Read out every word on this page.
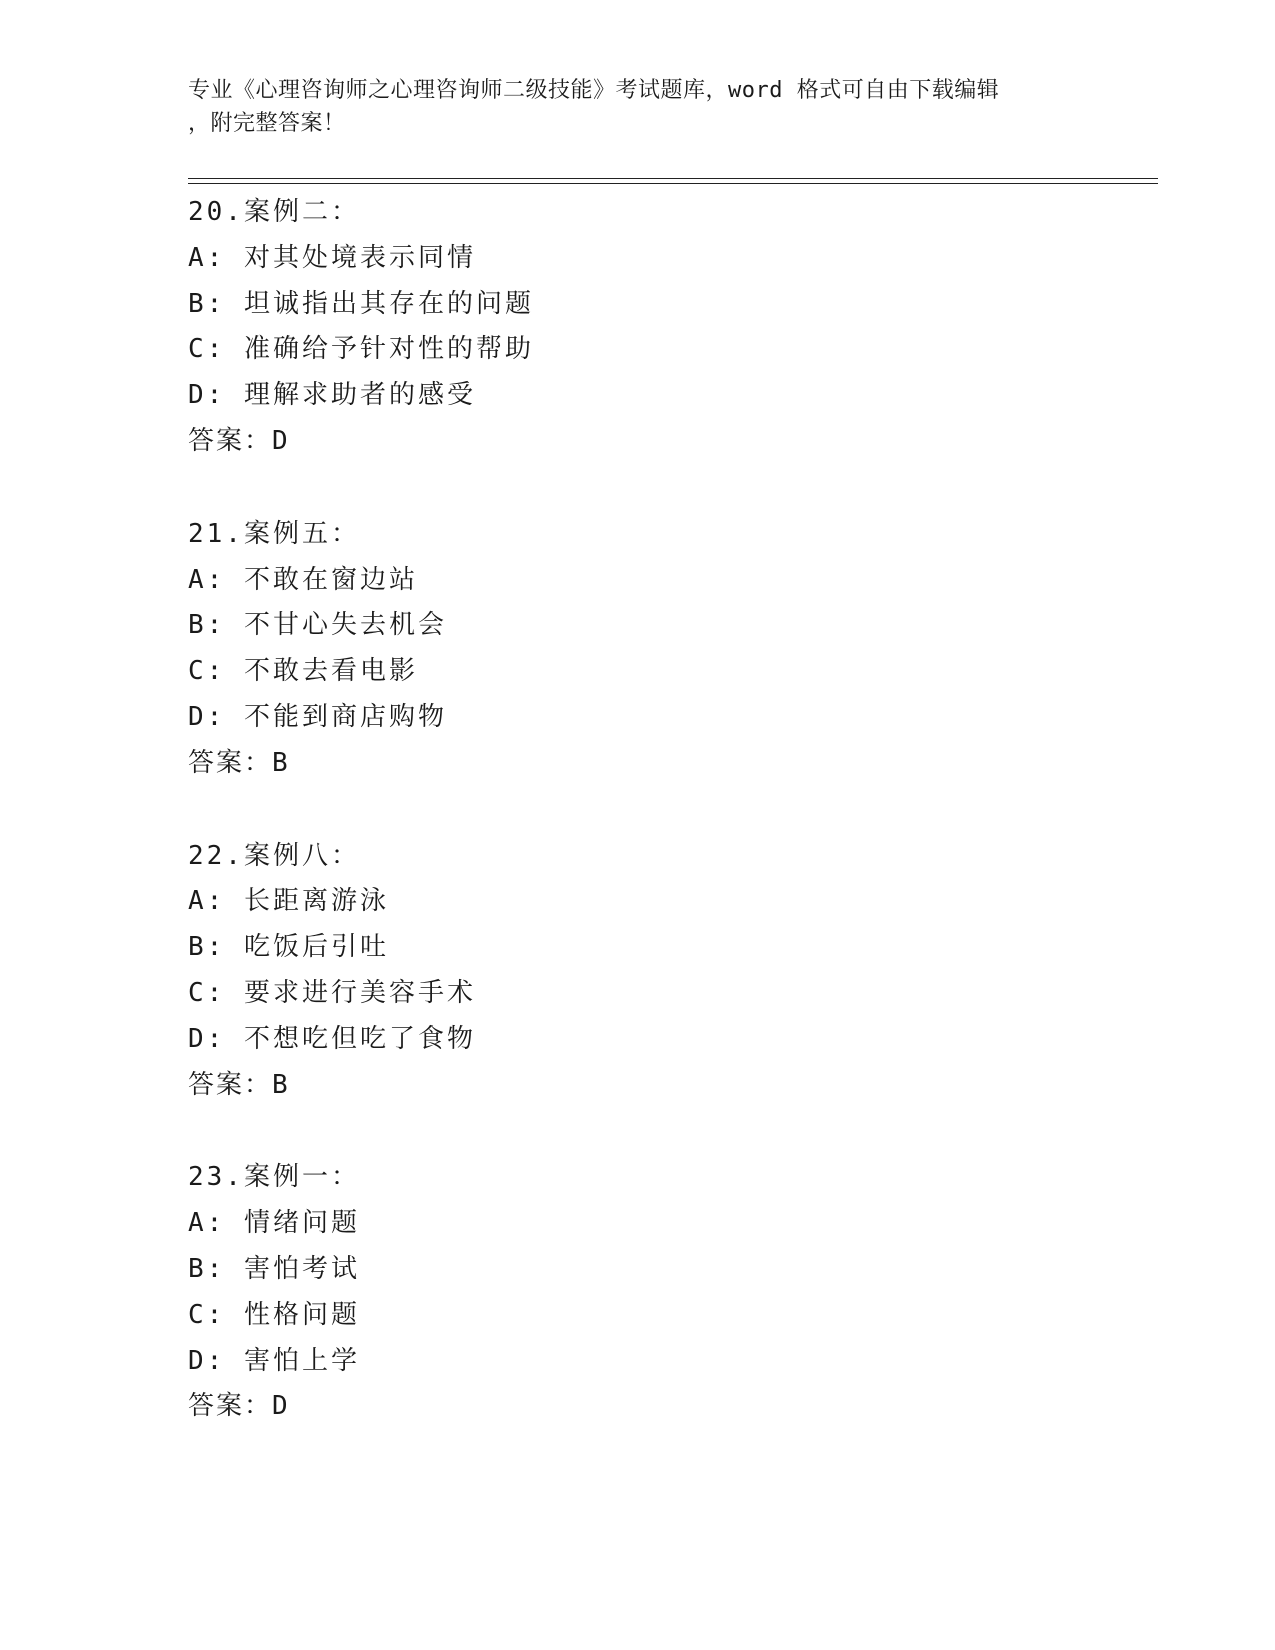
专业《心理咨询师之心理咨询师二级技能》考试题库，word 格式可自由下载编辑
，附完整答案！
20.案例二：
A: 对其处境表示同情
B: 坦诚指出其存在的问题
C: 准确给予针对性的帮助
D: 理解求助者的感受
答案：D
21.案例五：
A: 不敢在窗边站
B: 不甘心失去机会
C: 不敢去看电影
D: 不能到商店购物
答案：B
22.案例八：
A: 长距离游泳
B: 吃饭后引吐
C: 要求进行美容手术
D: 不想吃但吃了食物
答案：B
23.案例一：
A: 情绪问题
B: 害怕考试
C: 性格问题
D: 害怕上学
答案：D
